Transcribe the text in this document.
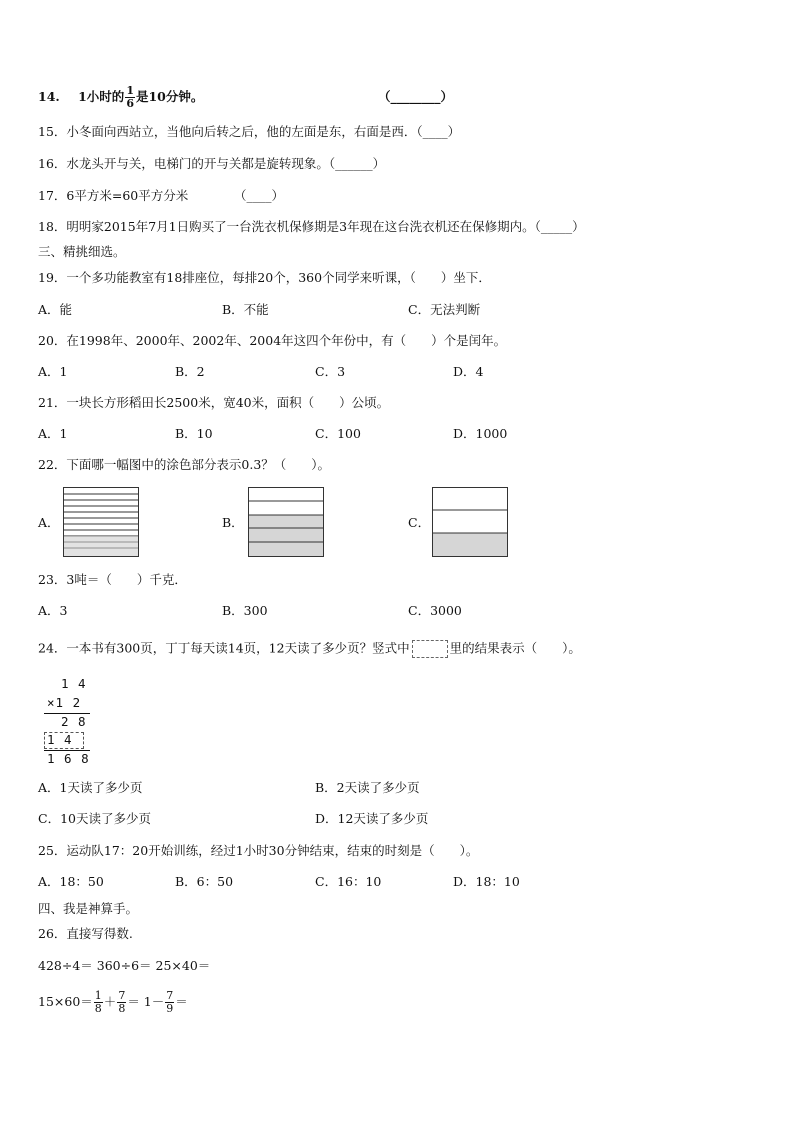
14. 1小时的 $\frac{1}{6}$ 是10分钟。	（________）
15．小冬面向西站立，当他向后转之后，他的左面是东，右面是西．（____）
16．水龙头开与关，电梯门的开与关都是旋转现象。（______）
17．6平方米=60平方分米	（____）
18．明明家2015年7月1日购买了一台洗衣机保修期是3年现在这台洗衣机还在保修期内。（_____）
三、精挑细选。
19．一个多功能教室有18排座位，每排20个，360个同学来听课，（　　）坐下．
A．能	B．不能	C．无法判断
20．在1998年、2000年、2002年、2004年这四个年份中，有（　　）个是闰年。
A．1	B．2	C．3	D．4
21．一块长方形稻田长2500米，宽40米，面积（　　）公顷。
A．1	B．10	C．100	D．1000
22．下面哪一幅图中的涂色部分表示0.3？（　　）。
A．	B．	C．
23．3吨＝（　　）千克．
A．3	B．300	C．3000
24．一本书有300页，丁丁每天读14页，12天读了多少页？竖式中	里的结果表示（　　）。
1 4
×1 2
2 8
1 4
1 6 8
A．1天读了多少页	B．2天读了多少页
C．10天读了多少页	D．12天读了多少页
25．运动队17：20开始训练，经过1小时30分钟结束，结束的时刻是（　　）。
A．18：50	B．6：50	C．16：10	D．18：10
四、我是神算手。
26．直接写得数.
428÷4＝ 360÷6＝ 25×40＝
$15\times 60= \frac{1}{8} + \frac{7}{8} = 1- \frac{7}{9}$ ＝
